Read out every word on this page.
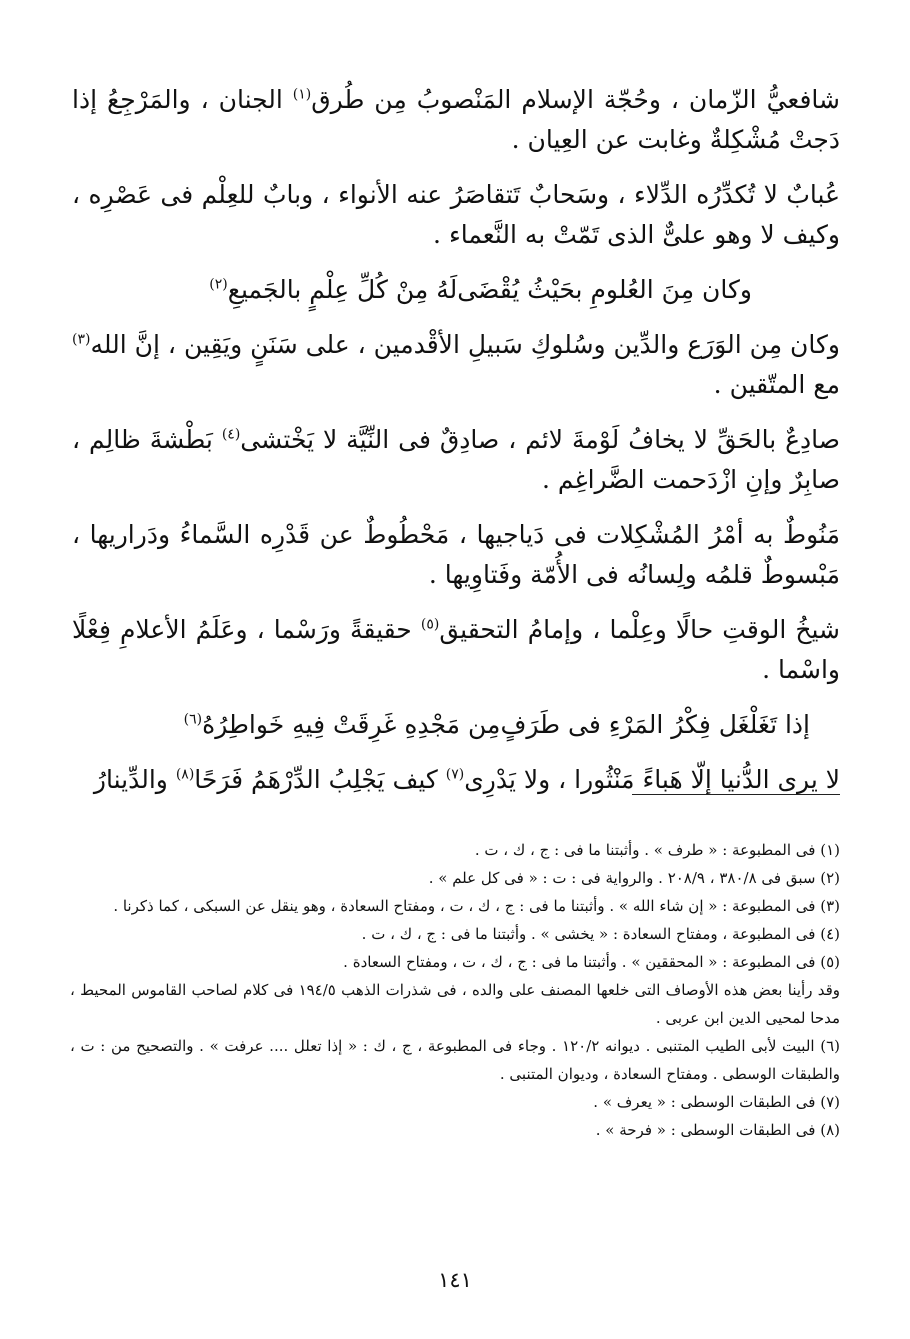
شافعيُّ الزّمان ، وحُجّة الإسلام المَنْصوبُ مِن طُرق$^{(١)}$ الجنان ، والمَرْجِعُ إذا دَجتْ مُشْكِلةٌ وغابت عن العِيان .

عُبابٌ لا تُكدِّرُه الدِّلاء ، وسَحابٌ تَتقاصَرُ عنه الأنواء ، وبابٌ للعِلْم فى عَصْرِه ، وكيف لا وهو علىٌّ الذى تَمّتْ به النَّعماء .

وكان مِنَ العُلومِ بحَيْثُ يُقْضَى
لَهُ مِنْ كُلِّ عِلْمٍ بالجَميعِ$^{(٢)}$

وكان مِن الوَرَع والدِّين وسُلوكِ سَبيلِ الأقْدمين ، على سَنَنٍ ويَقِين ، إنَّ الله$^{(٣)}$ مع المتّقين .

صادِعٌ بالحَقِّ لا يخافُ لَوْمةَ لائم ، صادِقٌ فى النِّيَّة لا يَخْتشى$^{(٤)}$ بَطْشةَ ظالِم ، صابِرٌ وإنِ ازْدَحمت الضَّراغِم .

مَنُوطٌ به أمْرُ المُشْكِلات فى دَياجيها ، مَحْطُوطٌ عن قَدْرِه السَّماءُ ودَراريها ، مَبْسوطٌ قلمُه ولِسانُه فى الأُمّة وفَتاوِيها .

شيخُ الوقتِ حالًا وعِلْما ، وإمامُ التحقيق$^{(٥)}$ حقيقةً ورَسْما ، وعَلَمُ الأعلامِ فِعْلًا واسْما .

إذا تَغَلْغَل فِكْرُ المَرْءِ فى طَرَفٍ
مِن مَجْدِهِ غَرِقَتْ فِيهِ خَواطِرُهُ$^{(٦)}$

لا يرى الدُّنيا إلّا هَباءً مَنْثُورا ، ولا يَدْرِى$^{(٧)}$ كيف يَجْلِبُ الدِّرْهَمُ فَرَحًا$^{(٨)}$ والدِّينارُ

(١) فى المطبوعة : « طرف » . وأثبتنا ما فى : ج ، ك ، ت .

(٢) سبق فى ٣٨٠/٨ ، ٢٠٨/٩ . والرواية فى : ت : « فى كل علم » .

(٣) فى المطبوعة : « إن شاء الله » . وأثبتنا ما فى : ج ، ك ، ت ، ومفتاح السعادة ، وهو ينقل عن السبكى ، كما ذكرنا .

(٤) فى المطبوعة ، ومفتاح السعادة : « يخشى » . وأثبتنا ما فى : ج ، ك ، ت .

(٥) فى المطبوعة : « المحققين » . وأثبتنا ما فى : ج ، ك ، ت ، ومفتاح السعادة .

وقد رأينا بعض هذه الأوصاف التى خلعها المصنف على والده ، فى شذرات الذهب ١٩٤/٥ فى كلام لصاحب القاموس المحيط ، مدحا لمحيى الدين ابن عربى .

(٦) البيت لأبى الطيب المتنبى . ديوانه ١٢٠/٢ . وجاء فى المطبوعة ، ج ، ك : « إذا تعلل .... عرفت » . والتصحيح من : ت ، والطبقات الوسطى . ومفتاح السعادة ، وديوان المتنبى .

(٧) فى الطبقات الوسطى : « يعرف » .

(٨) فى الطبقات الوسطى : « فرحة » .

١٤١
